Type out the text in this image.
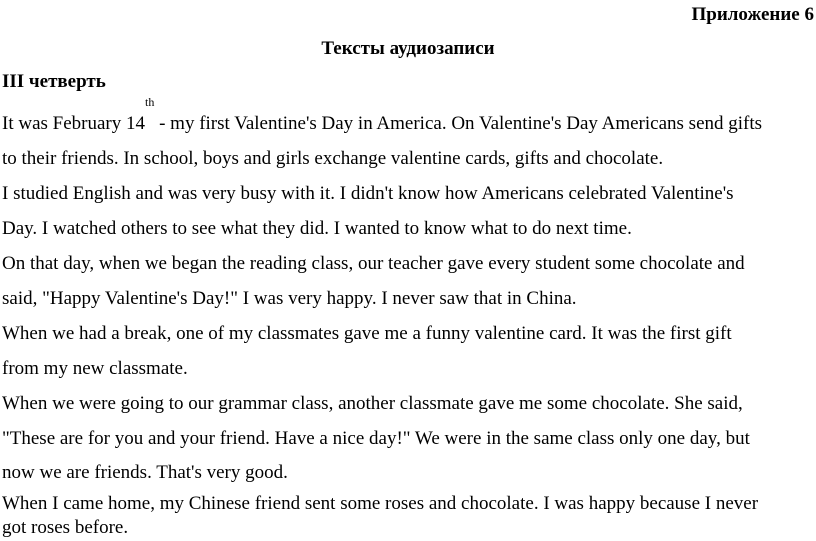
Приложение 6
Тексты аудиозаписи
III четверть
It was February 14th - my first Valentine's Day in America. On Valentine's Day Americans send gifts
to their friends. In school, boys and girls exchange valentine cards, gifts and chocolate.
I studied English and was very busy with it. I didn't know how Americans celebrated Valentine's
Day. I watched others to see what they did. I wanted to know what to do next time.
On that day, when we began the reading class, our teacher gave every student some chocolate and
said, "Happy Valentine's Day!" I was very happy. I never saw that in China.
When we had a break, one of my classmates gave me a funny valentine card. It was the first gift
from my new classmate.
When we were going to our grammar class, another classmate gave me some chocolate. She said,
"These are for you and your friend. Have a nice day!" We were in the same class only one day, but
now we are friends. That's very good.
When I came home, my Chinese friend sent some roses and chocolate. I was happy because I never
got roses before.
